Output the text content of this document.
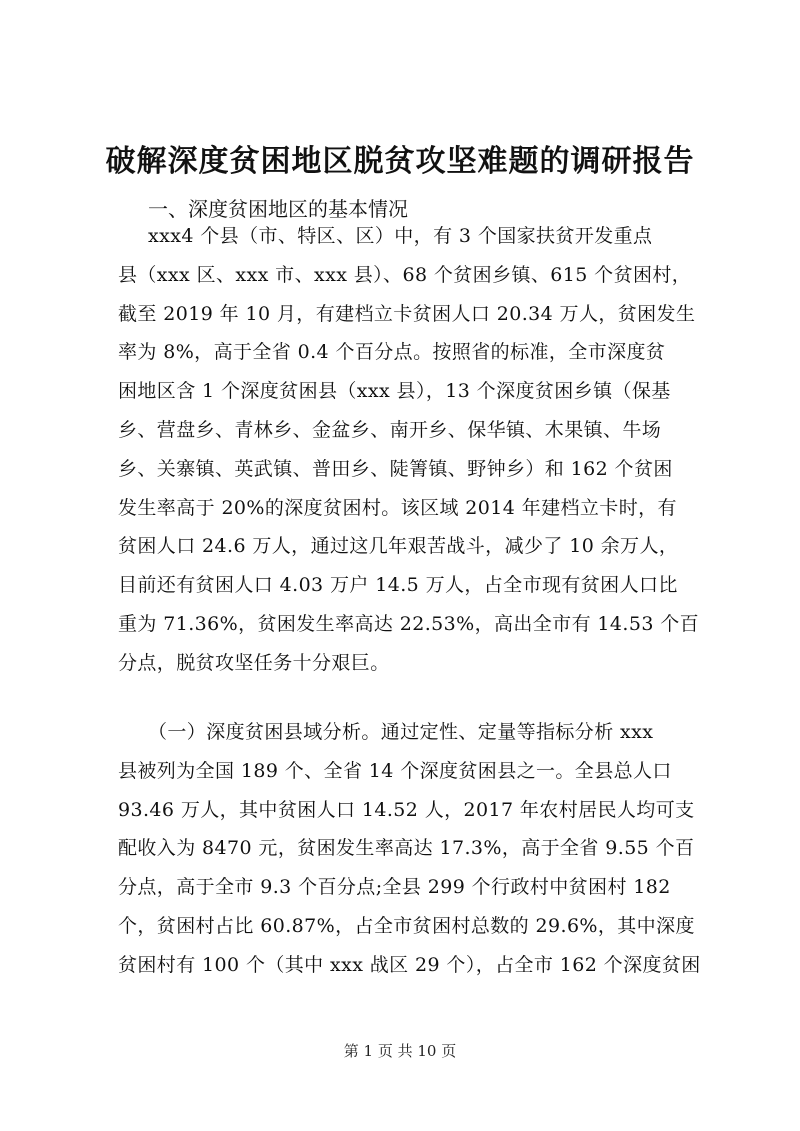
破解深度贫困地区脱贫攻坚难题的调研报告
一、深度贫困地区的基本情况
xxx4 个县（市、特区、区）中，有 3 个国家扶贫开发重点
县（xxx 区、xxx 市、xxx 县）、68 个贫困乡镇、615 个贫困村，
截至 2019 年 10 月，有建档立卡贫困人口 20.34 万人，贫困发生
率为 8%，高于全省 0.4 个百分点。按照省的标准，全市深度贫
困地区含 1 个深度贫困县（xxx 县），13 个深度贫困乡镇（保基
乡、营盘乡、青林乡、金盆乡、南开乡、保华镇、木果镇、牛场
乡、关寨镇、英武镇、普田乡、陡箐镇、野钟乡）和 162 个贫困
发生率高于 20%的深度贫困村。该区域 2014 年建档立卡时，有
贫困人口 24.6 万人，通过这几年艰苦战斗，减少了 10 余万人，
目前还有贫困人口 4.03 万户 14.5 万人，占全市现有贫困人口比
重为 71.36%，贫困发生率高达 22.53%，高出全市有 14.53 个百
分点，脱贫攻坚任务十分艰巨。
（一）深度贫困县域分析。通过定性、定量等指标分析 xxx
县被列为全国 189 个、全省 14 个深度贫困县之一。全县总人口
93.46 万人，其中贫困人口 14.52 人，2017 年农村居民人均可支
配收入为 8470 元，贫困发生率高达 17.3%，高于全省 9.55 个百
分点，高于全市 9.3 个百分点;全县 299 个行政村中贫困村 182
个，贫困村占比 60.87%，占全市贫困村总数的 29.6%，其中深度
贫困村有 100 个（其中 xxx 战区 29 个），占全市 162 个深度贫困
第 1 页 共 10 页
